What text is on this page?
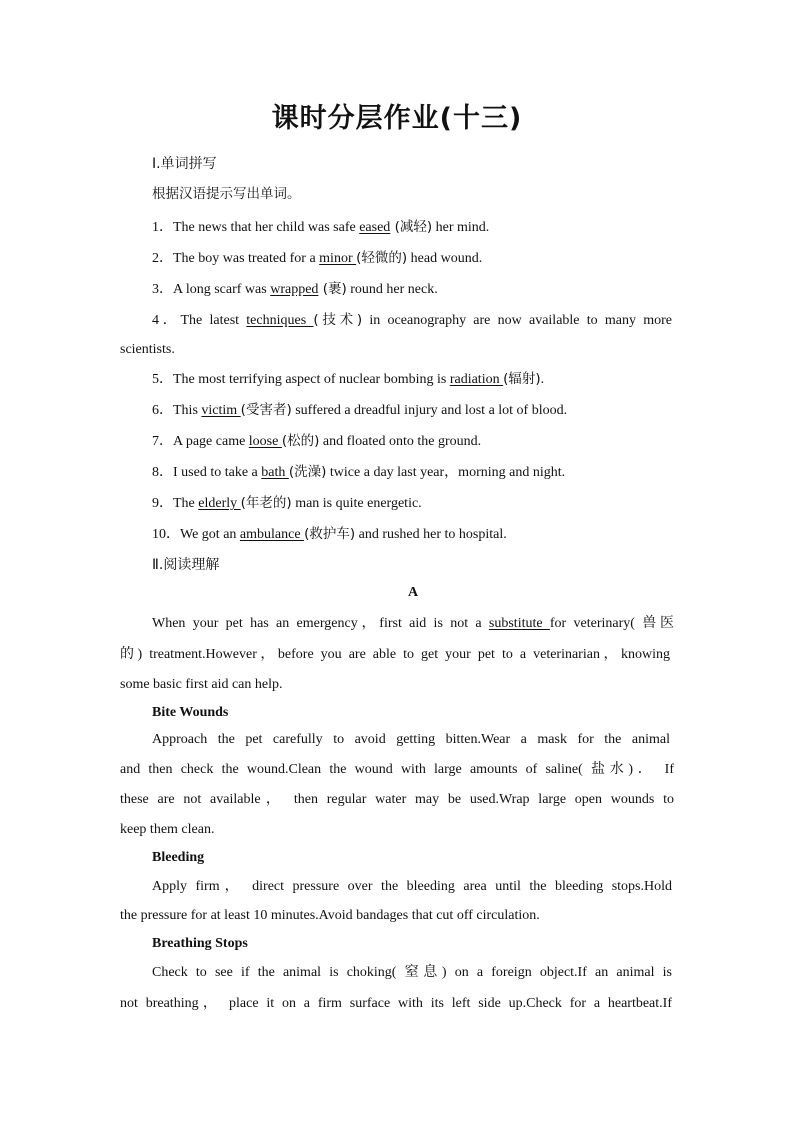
课时分层作业(十三)
Ⅰ.单词拼写
根据汉语提示写出单词。
1．The news that her child was safe eased (减轻) her mind.
2．The boy was treated for a minor (轻微的) head wound.
3．A long scarf was wrapped (裹) round her neck.
4．The latest techniques (技术) in oceanography are now available to many more
scientists.
5．The most terrifying aspect of nuclear bombing is radiation (辐射).
6．This victim (受害者) suffered a dreadful injury and lost a lot of blood.
7．A page came loose (松的) and floated onto the ground.
8．I used to take a bath (洗澡) twice a day last year，morning and night.
9．The elderly (年老的) man is quite energetic.
10．We got an ambulance (救护车) and rushed her to hospital.
Ⅱ.阅读理解
A
When your pet has an emergency，first aid is not a substitute for veterinary( 兽医
的) treatment.However，before you are able to get your pet to a veterinarian，knowing
some basic first aid can help.
Bite Wounds
Approach the pet carefully to avoid getting bitten.Wear a mask for the animal
and then check the wound.Clean the wound with large amounts of saline( 盐水)． If
these are not available， then regular water may be used.Wrap large open wounds to
keep them clean.
Bleeding
Apply firm， direct pressure over the bleeding area until the bleeding stops.Hold
the pressure for at least 10 minutes.Avoid bandages that cut off circulation.
Breathing Stops
Check to see if the animal is choking( 窒息) on a foreign object.If an animal is
not breathing， place it on a firm surface with its left side up.Check for a heartbeat.If
